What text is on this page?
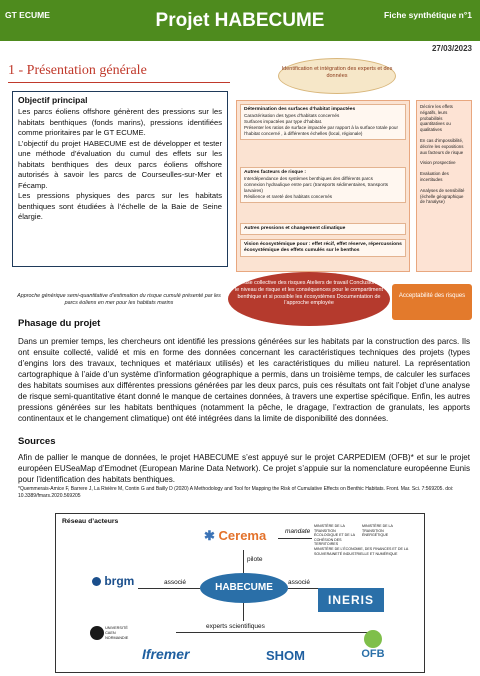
GT ECUME	Projet HABECUME	Fiche synthétique n°1
27/03/2023
1 - Présentation générale
Objectif principal

Les parcs éoliens offshore génèrent des pressions sur les habitats benthiques (fonds marins), pressions identifiées comme prioritaires par le GT ECUME.

L’objectif du projet HABECUME est de développer et tester une méthode d’évaluation du cumul des effets sur les habitats benthiques des deux parcs éoliens offshore autorisés à savoir les parcs de Courseulles-sur-Mer et Fécamp.

Les pressions physiques des parcs sur les habitats benthiques sont étudiées à l’échelle de la Baie de Seine élargie.

Identification et intégration des experts et des données
Détermination des surfaces d’habitat impactées
Caractérisation des types d’habitats concernés
Surfaces impactées par type d’habitat.
Présenter les ratios de surface impactée par rapport à la surface totale pour l’habitat concerné , à différentes échelles (local, régionale)
Autres facteurs de risque :
Interdépendance des systèmes benthiques des différents parcs
connexion hydraulique entre parc (transports sédimentaires, transports larvaires)
Résilience et rareté des habitats concernés
Autres pressions et changement climatique
Vision écosystémique pour : effet récif, effet réserve, répercussions écosystémique des effets cumulés sur le benthos
Décrire les effets négatifs, leurs probabilités quantitatives ou qualitatives
En cas d’impossibilité, décrire les expositions aux facteurs de risque
Vision prospective
Evaluation des incertitudes
Analyses de sensibilité (échelle géographique de l’analyse)
Expertise collective des risques Ateliers de travail Conclusions sur le niveau de risque et les conséquences pour le compartiment benthique et si possible les écosystèmes Documentation de l’approche employée
Acceptabilité des risques
Approche générique semi-quantitative d’estimation du risque cumulé présenté par les parcs éoliens en mer pour les habitats marins
Phasage du projet
Dans un premier temps, les chercheurs ont identifié les pressions générées sur les habitats par la construction des parcs. Ils ont ensuite collecté, validé et mis en forme des données concernant les caractéristiques techniques des projets (types d’engins lors des travaux, techniques et matériaux utilisés) et les caractéristiques du milieu naturel. La représentation cartographique à l’aide d’un système d’information géographique a permis, dans un troisième temps, de calculer les surfaces des habitats soumises aux différentes pressions générées par les deux parcs, puis ces résultats ont fait l’objet d’une analyse de risque semi-quantitative étant donné le manque de certaines données, à travers une expertise spécifique. Enfin, les autres pressions générées sur les habitats benthiques (notamment la pêche, le dragage, l’extraction de granulats, les apports continentaux et le changement climatique) ont été intégrées dans la limite de disponibilité des données.
Sources
Afin de pallier le manque de données, le projet HABECUME s’est appuyé sur le projet CARPEDIEM (OFB)* et sur le projet européen EUSeaMap d’Emodnet (European Marine Data Network). Ce projet s’appuie sur la nomenclature européenne Eunis pour l’identification des habitats benthiques.
*Quemmerais-Amice F, Barrere J, La Rivière M, Contin G and Bailly D (2020) A Methodology and Tool for Mapping the Risk of Cumulative Effects on Benthic Habitats. Front. Mar. Sci. 7:569205. doi: 10.3389/fmars.2020.569205
Réseau d’acteurs
✱ Cerema	mandate
MINISTÈRE DE LA TRANSITION ÉCOLOGIQUE ET DE LA COHÉSION DES TERRITOIRESMINISTÈRE DE LA TRANSITION ÉNERGÉTIQUE
MINISTÈRE DE L'ÉCONOMIE, DES FINANCES ET DE LA SOUVERAINETÉ INDUSTRIELLE ET NUMÉRIQUE
pilote
HABECUME
associé	associé
brgm
INERIS
experts scientifiques
UNIVERSITÉ CAEN NORMANDIE
Ifremer	SHOM	OFB
